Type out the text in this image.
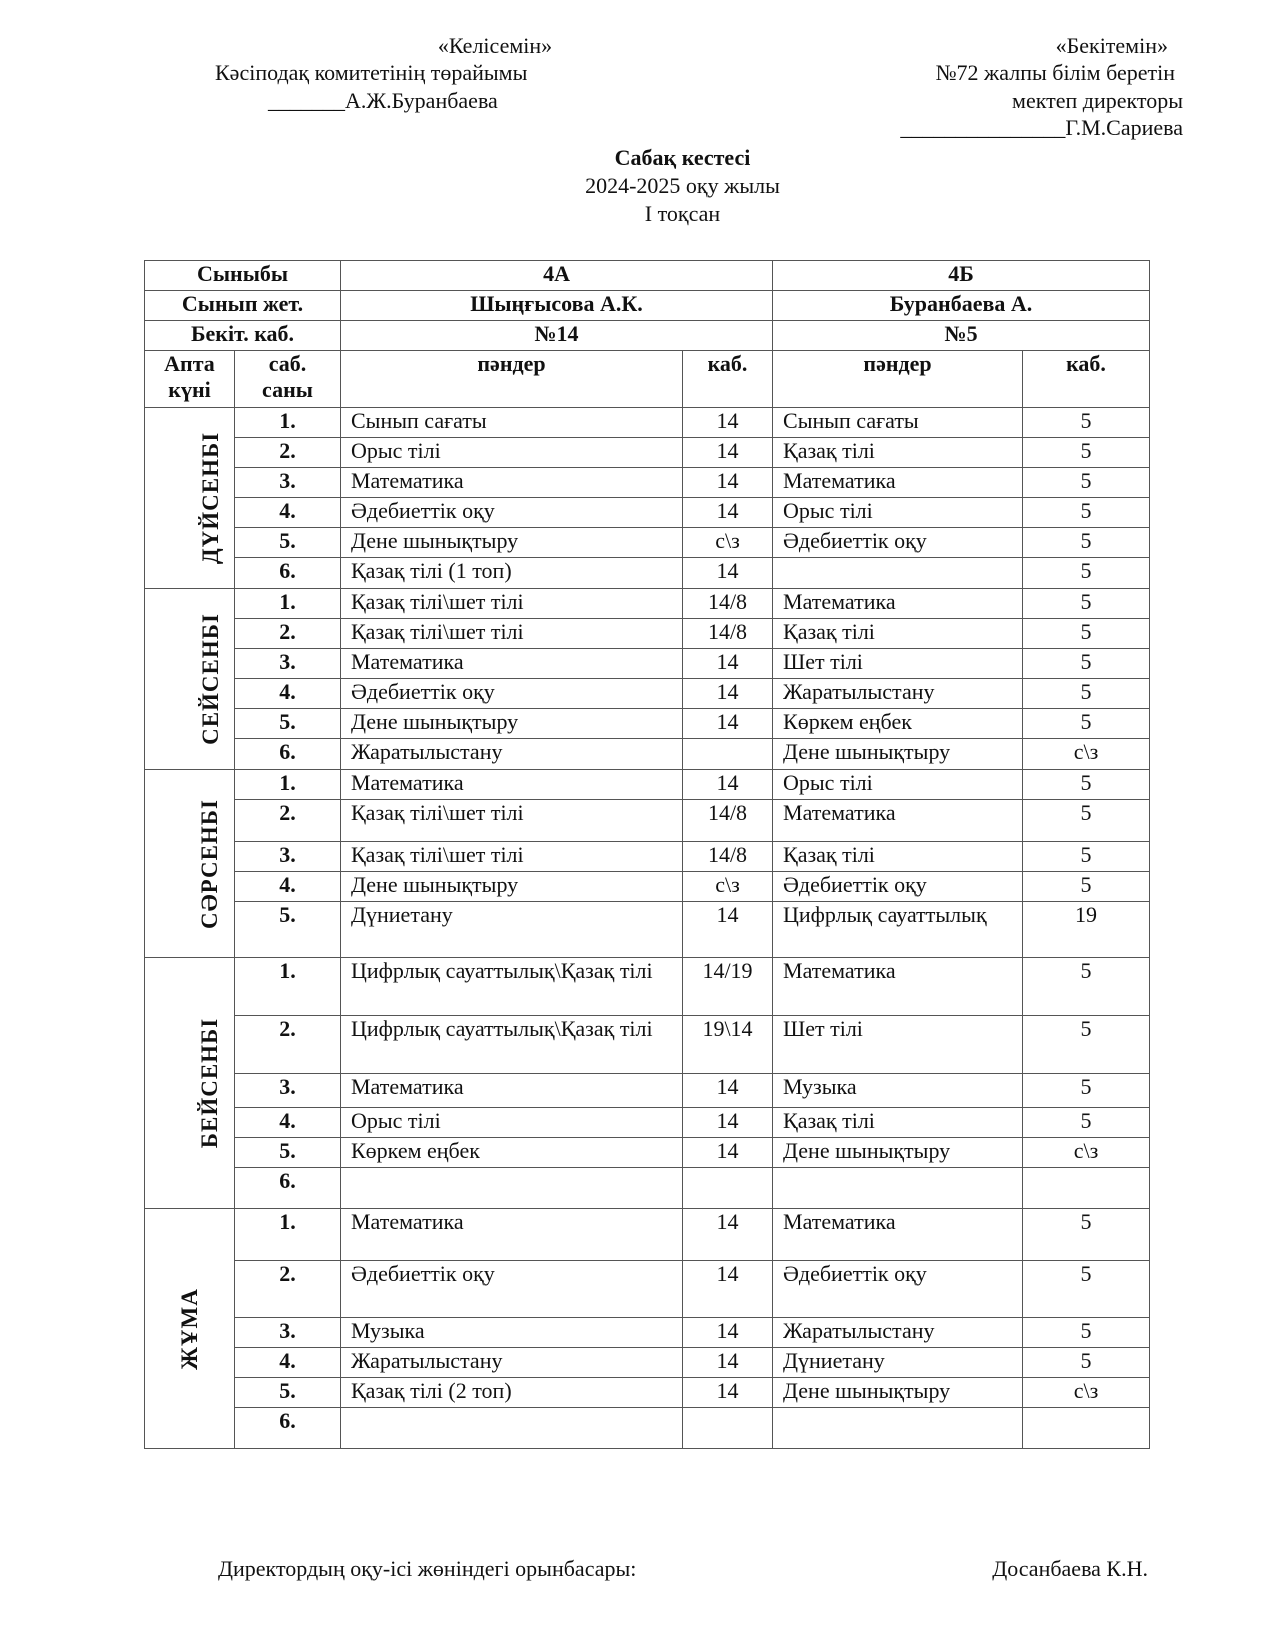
«Келісемін»
Кәсіподақ комитетінің төрайымы
_______А.Ж.Буранбаева
«Бекітемін»
№72 жалпы білім беретін
мектеп директоры
_______________Г.М.Сариева
Сабақ кестесі
2024-2025 оқу жылы
I тоқсан
Сыныбы		4А		4Б	
Сынып жет.		Шыңғысова А.К.		Буранбаева А.	
Бекіт. каб.		№14		№5	
Апта күні	саб. саны	пәндер	каб.	пәндер	каб.
ДҮЙСЕНБІ	1.	Сынып сағаты	14	Сынып сағаты	5
	2.	Орыс тілі	14	Қазақ тілі	5
	3.	Математика	14	Математика	5
	4.	Әдебиеттік оқу	14	Орыс тілі	5
	5.	Дене шынықтыру	с\з	Әдебиеттік оқу	5
	6.	Қазақ тілі (1 топ)	14		5
СЕЙСЕНБІ	1.	Қазақ тілі\шет тілі	14/8	Математика	5
	2.	Қазақ тілі\шет тілі	14/8	Қазақ тілі	5
	3.	Математика	14	Шет тілі	5
	4.	Әдебиеттік оқу	14	Жаратылыстану	5
	5.	Дене шынықтыру	14	Көркем еңбек	5
	6.	Жаратылыстану		Дене шынықтыру	с\з
СӘРСЕНБІ	1.	Математика	14	Орыс тілі	5
	2.	Қазақ тілі\шет тілі	14/8	Математика	5
	3.	Қазақ тілі\шет тілі	14/8	Қазақ тілі	5
	4.	Дене шынықтыру	с\з	Әдебиеттік оқу	5
	5.	Дүниетану	14	Цифрлық сауаттылық	19
БЕЙСЕНБІ	1.	Цифрлық сауаттылық\Қазақ тілі	14/19	Математика	5
	2.	Цифрлық сауаттылық\Қазақ тілі	19\14	Шет тілі	5
	3.	Математика	14	Музыка	5
	4.	Орыс тілі	14	Қазақ тілі	5
	5.	Көркем еңбек	14	Дене шынықтыру	с\з
	6.				
ЖҰМА	1.	Математика	14	Математика	5
	2.	Әдебиеттік оқу	14	Әдебиеттік оқу	5
	3.	Музыка	14	Жаратылыстану	5
	4.	Жаратылыстану	14	Дүниетану	5
	5.	Қазақ тілі (2 топ)	14	Дене шынықтыру	с\з
	6.				
Директордың оқу-ісі жөніндегі орынбасары:	Досанбаева К.Н.
